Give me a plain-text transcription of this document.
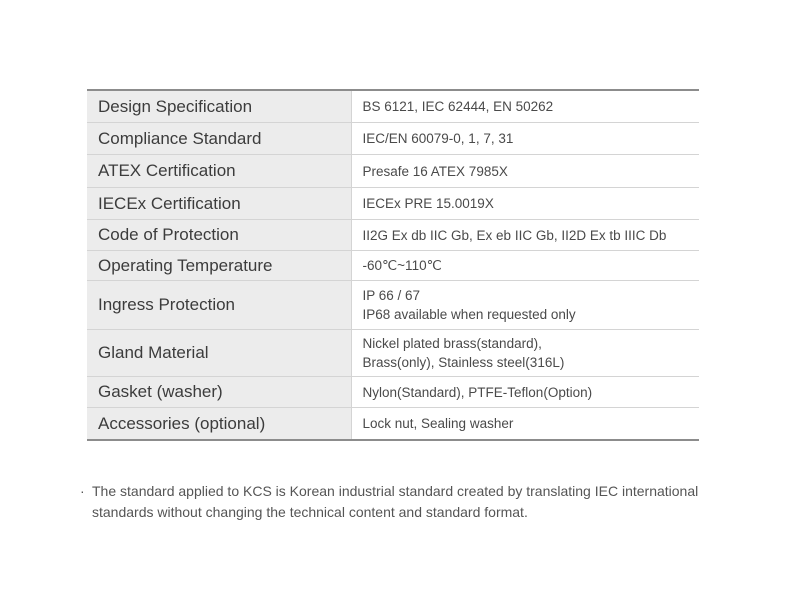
Design Specification	BS 6121, IEC 62444, EN 50262

Compliance Standard	IEC/EN 60079-0, 1, 7, 31

ATEX Certification	Presafe 16 ATEX 7985X

IECEx Certification	IECEx PRE 15.0019X

Code of Protection	II2G Ex db IIC Gb, Ex eb IIC Gb, II2D Ex tb IIIC Db

Operating Temperature	-60℃~110℃

Ingress Protection	IP 66 / 67
IP68 available when requested only

Gland Material	Nickel plated brass(standard),
Brass(only), Stainless steel(316L)

Gasket (washer)	Nylon(Standard), PTFE-Teflon(Option)

Accessories (optional)	Lock nut, Sealing washer
· The standard applied to KCS is Korean industrial standard created by translating IEC international standards without changing the technical content and standard format.
